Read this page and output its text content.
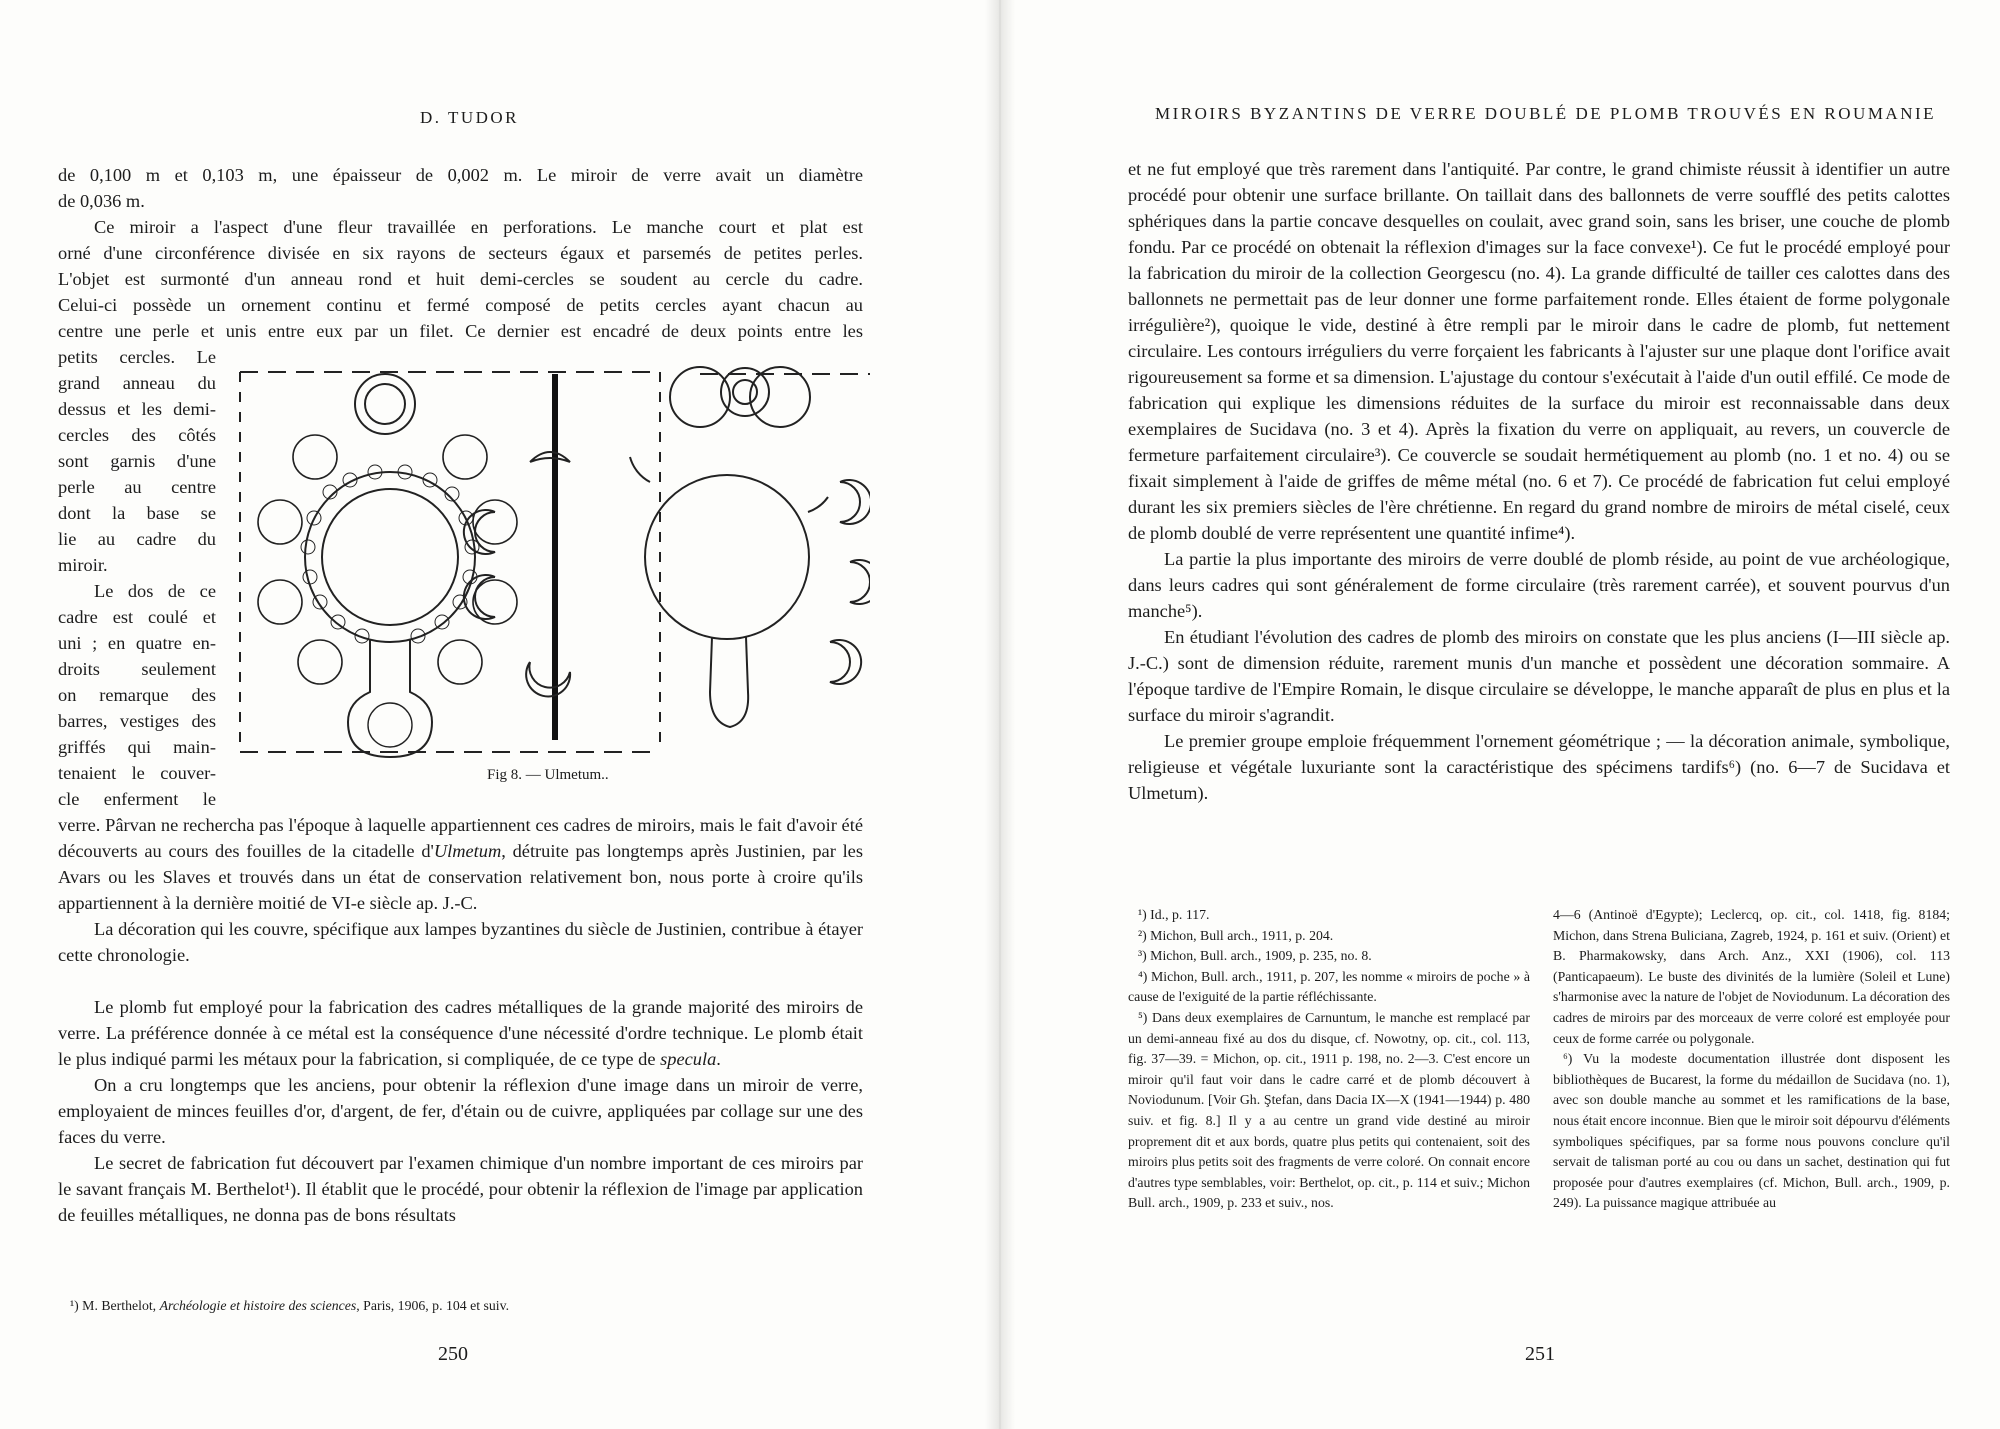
D. TUDOR

de 0,100 m et 0,103 m, une épaisseur de 0,002 m. Le miroir de verre avait un diamètre

de 0,036 m.

Ce miroir a l'aspect d'une fleur travaillée en perforations. Le manche court et plat est

orné d'une circonférence divisée en six rayons de secteurs égaux et parsemés de petites perles.

L'objet est surmonté d'un anneau rond et huit demi-cercles se soudent au cercle du cadre.

Celui-ci possède un ornement continu et fermé composé de petits cercles ayant chacun au

centre une perle et unis entre eux par un filet. Ce dernier est encadré de deux points entre les

petits cercles. Le

grand anneau du

dessus et les demi-

cercles des côtés

sont garnis d'une

perle au centre

dont la base se

lie au cadre du

miroir.

Le dos de ce

cadre est coulé et

uni ; en quatre en-

droits seulement

on remarque des

barres, vestiges des

griffés qui main-

tenaient le couver-

cle enferment le

Fig 8. — Ulmetum..

verre. Pârvan ne rechercha pas l'époque à laquelle appartiennent ces cadres de miroirs, mais le fait d'avoir été découverts au cours des fouilles de la citadelle d'Ulmetum, détruite pas longtemps après Justinien, par les Avars ou les Slaves et trouvés dans un état de conservation relativement bon, nous porte à croire qu'ils appartiennent à la dernière moitié de VI-e siècle ap. J.-C.

La décoration qui les couvre, spécifique aux lampes byzantines du siècle de Justinien, contribue à étayer cette chronologie.

Le plomb fut employé pour la fabrication des cadres métalliques de la grande majorité des miroirs de verre. La préférence donnée à ce métal est la conséquence d'une nécessité d'ordre technique. Le plomb était le plus indiqué parmi les métaux pour la fabrication, si compliquée, de ce type de specula.

On a cru longtemps que les anciens, pour obtenir la réflexion d'une image dans un miroir de verre, employaient de minces feuilles d'or, d'argent, de fer, d'étain ou de cuivre, appliquées par collage sur une des faces du verre.

Le secret de fabrication fut découvert par l'examen chimique d'un nombre important de ces miroirs par le savant français M. Berthelot¹). Il établit que le procédé, pour obtenir la réflexion de l'image par application de feuilles métalliques, ne donna pas de bons résultats

¹) M. Berthelot, Archéologie et histoire des sciences, Paris, 1906, p. 104 et suiv.

250
MIROIRS BYZANTINS DE VERRE DOUBLÉ DE PLOMB TROUVÉS EN ROUMANIE

et ne fut employé que très rarement dans l'antiquité. Par contre, le grand chimiste réussit à identifier un autre procédé pour obtenir une surface brillante. On taillait dans des ballonnets de verre soufflé des petits calottes sphériques dans la partie concave desquelles on coulait, avec grand soin, sans les briser, une couche de plomb fondu. Par ce procédé on obtenait la réflexion d'images sur la face convexe¹). Ce fut le procédé employé pour la fabrication du miroir de la collection Georgescu (no. 4). La grande difficulté de tailler ces calottes dans des ballonnets ne permettait pas de leur donner une forme parfaitement ronde. Elles étaient de forme polygonale irrégulière²), quoique le vide, destiné à être rempli par le miroir dans le cadre de plomb, fut nettement circulaire. Les contours irréguliers du verre forçaient les fabricants à l'ajuster sur une plaque dont l'orifice avait rigoureusement sa forme et sa dimension. L'ajustage du contour s'exécutait à l'aide d'un outil effilé. Ce mode de fabrication qui explique les dimensions réduites de la surface du miroir est reconnaissable dans deux exemplaires de Sucidava (no. 3 et 4). Après la fixation du verre on appliquait, au revers, un couvercle de fermeture parfaitement circulaire³). Ce couvercle se soudait hermétiquement au plomb (no. 1 et no. 4) ou se fixait simplement à l'aide de griffes de même métal (no. 6 et 7). Ce procédé de fabrication fut celui employé durant les six premiers siècles de l'ère chrétienne. En regard du grand nombre de miroirs de métal ciselé, ceux de plomb doublé de verre représentent une quantité infime⁴).

La partie la plus importante des miroirs de verre doublé de plomb réside, au point de vue archéologique, dans leurs cadres qui sont généralement de forme circulaire (très rarement carrée), et souvent pourvus d'un manche⁵).

En étudiant l'évolution des cadres de plomb des miroirs on constate que les plus anciens (I—III siècle ap. J.-C.) sont de dimension réduite, rarement munis d'un manche et possèdent une décoration sommaire. A l'époque tardive de l'Empire Romain, le disque circulaire se développe, le manche apparaît de plus en plus et la surface du miroir s'agrandit.

Le premier groupe emploie fréquemment l'ornement géométrique ; — la décoration animale, symbolique, religieuse et végétale luxuriante sont la caractéristique des spécimens tardifs⁶) (no. 6—7 de Sucidava et Ulmetum).

¹) Id., p. 117.

²) Michon, Bull arch., 1911, p. 204.

³) Michon, Bull. arch., 1909, p. 235, no. 8.

⁴) Michon, Bull. arch., 1911, p. 207, les nomme « miroirs de poche » à cause de l'exiguité de la partie réfléchissante.

⁵) Dans deux exemplaires de Carnuntum, le manche est remplacé par un demi-anneau fixé au dos du disque, cf. Nowotny, op. cit., col. 113, fig. 37—39. = Michon, op. cit., 1911 p. 198, no. 2—3. C'est encore un miroir qu'il faut voir dans le cadre carré et de plomb découvert à Noviodunum. [Voir Gh. Ştefan, dans Dacia IX—X (1941—1944) p. 480 suiv. et fig. 8.] Il y a au centre un grand vide destiné au miroir proprement dit et aux bords, quatre plus petits qui contenaient, soit des miroirs plus petits soit des fragments de verre coloré. On connait encore d'autres type semblables, voir: Berthelot, op. cit., p. 114 et suiv.; Michon Bull. arch., 1909, p. 233 et suiv., nos.

4—6 (Antinoë d'Egypte); Leclercq, op. cit., col. 1418, fig. 8184; Michon, dans Strena Buliciana, Zagreb, 1924, p. 161 et suiv. (Orient) et B. Pharmakowsky, dans Arch. Anz., XXI (1906), col. 113 (Panticapaeum). Le buste des divinités de la lumière (Soleil et Lune) s'harmonise avec la nature de l'objet de Noviodunum. La décoration des cadres de miroirs par des morceaux de verre coloré est employée pour ceux de forme carrée ou polygonale.

⁶) Vu la modeste documentation illustrée dont disposent les bibliothèques de Bucarest, la forme du médaillon de Sucidava (no. 1), avec son double manche au sommet et les ramifications de la base, nous était encore inconnue. Bien que le miroir soit dépourvu d'éléments symboliques spécifiques, par sa forme nous pouvons conclure qu'il servait de talisman porté au cou ou dans un sachet, destination qui fut proposée pour d'autres exemplaires (cf. Michon, Bull. arch., 1909, p. 249). La puissance magique attribuée au

251
